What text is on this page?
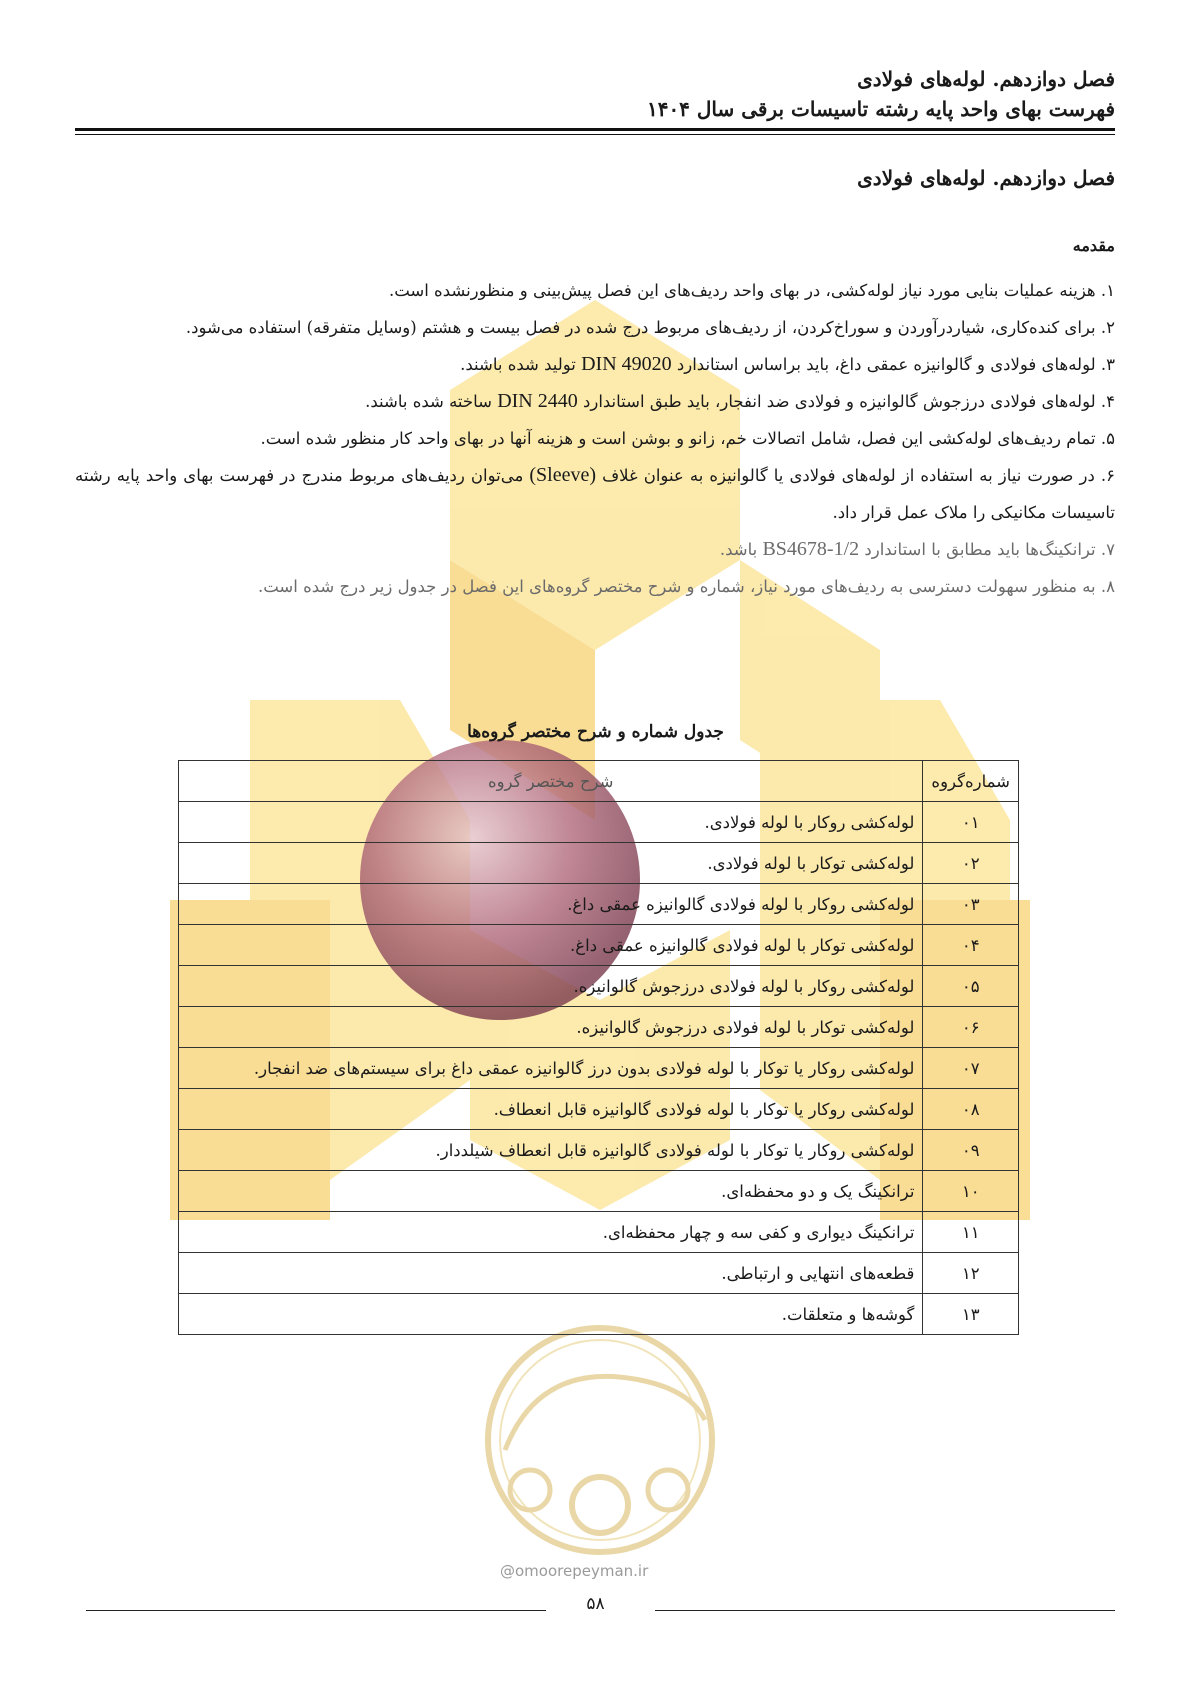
فصل دوازدهم. لوله‌های فولادی
فهرست بهای واحد پایه رشته تاسیسات برقی سال ۱۴۰۴
فصل دوازدهم. لوله‌های فولادی
مقدمه
۱. هزینه عملیات بنایی مورد نیاز لوله‌کشی، در بهای واحد ردیف‌های این فصل پیش‌بینی و منظورنشده است.
۲. برای کنده‌کاری، شیاردرآوردن و سوراخ‌کردن، از ردیف‌های مربوط درج شده در فصل بیست و هشتم (وسایل متفرقه) استفاده می‌شود.
۳. لوله‌های فولادی و گالوانیزه عمقی داغ، باید براساس استاندارد DIN 49020 تولید شده باشند.
۴. لوله‌های فولادی درزجوش گالوانیزه و فولادی ضد انفجار، باید طبق استاندارد DIN 2440 ساخته شده باشند.
۵. تمام ردیف‌های لوله‌کشی این فصل، شامل اتصالات خم، زانو و بوشن است و هزینه آنها در بهای واحد کار منظور شده است.
۶. در صورت نیاز به استفاده از لوله‌های فولادی یا گالوانیزه به عنوان غلاف (Sleeve) می‌توان ردیف‌های مربوط مندرج در فهرست بهای واحد پایه رشته تاسیسات مکانیکی را ملاک عمل قرار داد.
۷. ترانکینگ‌ها باید مطابق با استاندارد BS4678-1/2 باشد.
۸. به منظور سهولت دسترسی به ردیف‌های مورد نیاز، شماره و شرح مختصر گروه‌های این فصل در جدول زیر درج شده است.
جدول شماره و شرح مختصر گروه‌ها
شماره‌گروه	شرح مختصر گروه
۰۱	لوله‌کشی روکار با لوله فولادی.
۰۲	لوله‌کشی توکار با لوله فولادی.
۰۳	لوله‌کشی روکار با لوله فولادی گالوانیزه عمقی داغ.
۰۴	لوله‌کشی توکار با لوله فولادی گالوانیزه عمقی داغ.
۰۵	لوله‌کشی روکار با لوله فولادی درزجوش گالوانیزه.
۰۶	لوله‌کشی توکار با لوله فولادی درزجوش گالوانیزه.
۰۷	لوله‌کشی روکار یا توکار با لوله فولادی بدون درز گالوانیزه عمقی داغ برای سیستم‌های ضد انفجار.
۰۸	لوله‌کشی روکار یا توکار با لوله فولادی گالوانیزه قابل انعطاف.
۰۹	لوله‌کشی روکار یا توکار با لوله فولادی گالوانیزه قابل انعطاف شیلددار.
۱۰	ترانکینگ یک و دو محفظه‌ای.
۱۱	ترانکینگ دیواری و کفی سه و چهار محفظه‌ای.
۱۲	قطعه‌های انتهایی و ارتباطی.
۱۳	گوشه‌ها و متعلقات.
@omoorepeyman.ir
۵۸
